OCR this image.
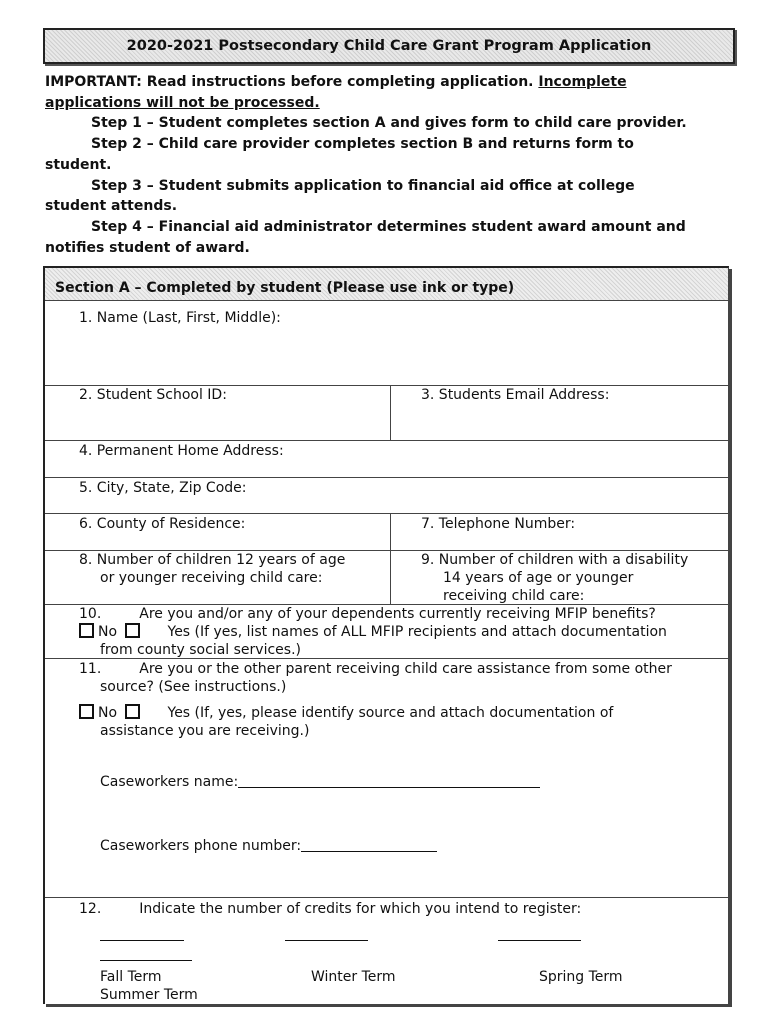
2020-2021 Postsecondary Child Care Grant Program Application
IMPORTANT: Read instructions before completing application. Incomplete
applications will not be processed.
Step 1 – Student completes section A and gives form to child care provider.
Step 2 – Child care provider completes section B and returns form to
student.
Step 3 – Student submits application to financial aid office at college
student attends.
Step 4 – Financial aid administrator determines student award amount and
notifies student of award.
Section A – Completed by student (Please use ink or type)
1. Name (Last, First, Middle):
2. Student School ID:	3. Students Email Address:
4. Permanent Home Address:
5. City, State, Zip Code:
6. County of Residence:	7. Telephone Number:
8. Number of children 12 years of age
or younger receiving child care:
9. Number of children with a disability
14 years of age or younger
receiving child care:
10.	Are you and/or any of your dependents currently receiving MFIP benefits?
No	Yes (If yes, list names of ALL MFIP recipients and attach documentation
from county social services.)
11.	Are you or the other parent receiving child care assistance from some other
source? (See instructions.)
No	Yes (If, yes, please identify source and attach documentation of
assistance you are receiving.)
Caseworkers name:
Caseworkers phone number:
12.	Indicate the number of credits for which you intend to register:
Fall Term	Winter Term	Spring Term
Summer Term
